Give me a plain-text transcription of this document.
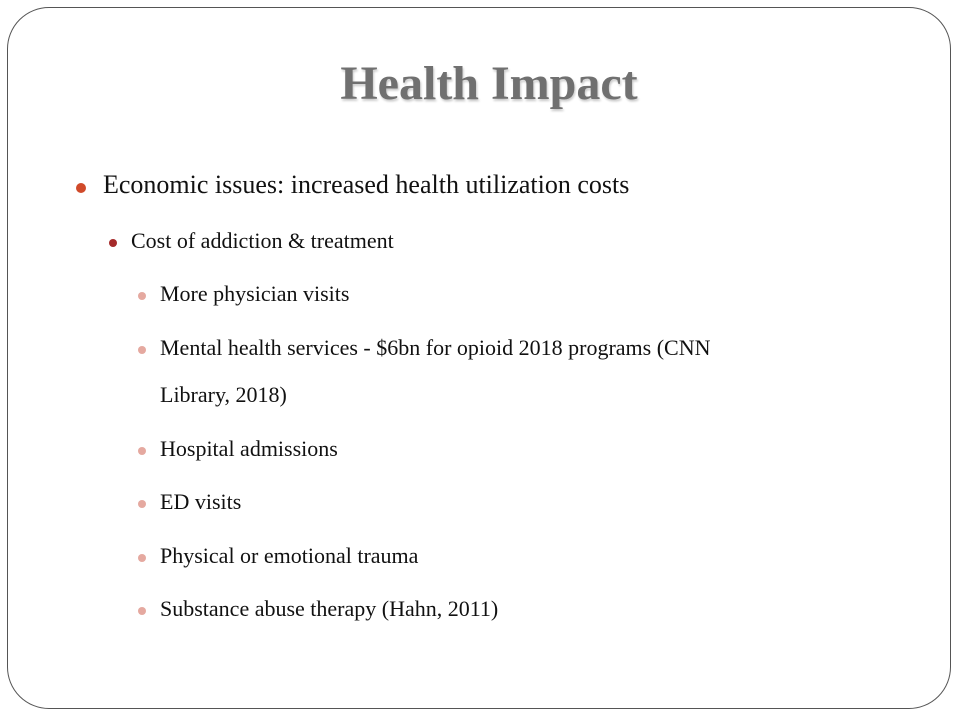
Health Impact
Economic issues: increased health utilization costs
Cost of addiction & treatment
More physician visits
Mental health services - $6bn for opioid 2018 programs (CNN
Library, 2018)
Hospital admissions
ED visits
Physical or emotional trauma
Substance abuse therapy (Hahn, 2011)
